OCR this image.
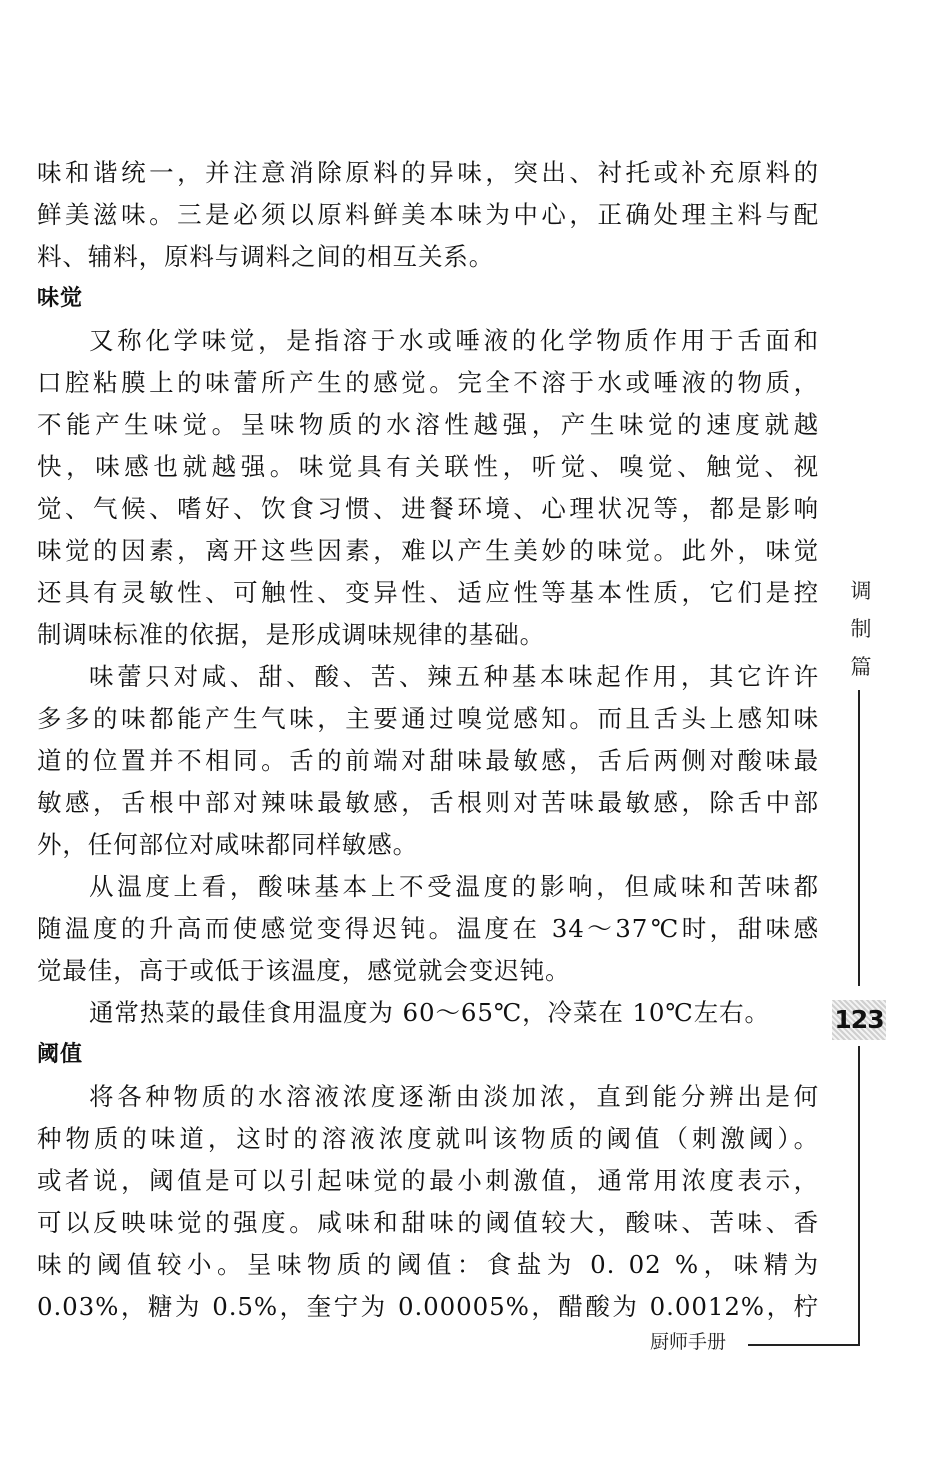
味和谐统一，并注意消除原料的异味，突出、衬托或补充原料的
鲜美滋味。三是必须以原料鲜美本味为中心，正确处理主料与配
料、辅料，原料与调料之间的相互关系。
味觉
又称化学味觉，是指溶于水或唾液的化学物质作用于舌面和
口腔粘膜上的味蕾所产生的感觉。完全不溶于水或唾液的物质，
不能产生味觉。呈味物质的水溶性越强，产生味觉的速度就越
快，味感也就越强。味觉具有关联性，听觉、嗅觉、触觉、视
觉、气候、嗜好、饮食习惯、进餐环境、心理状况等，都是影响
味觉的因素，离开这些因素，难以产生美妙的味觉。此外，味觉
还具有灵敏性、可触性、变异性、适应性等基本性质，它们是控
制调味标准的依据，是形成调味规律的基础。
味蕾只对咸、甜、酸、苦、辣五种基本味起作用，其它许许
多多的味都能产生气味，主要通过嗅觉感知。而且舌头上感知味
道的位置并不相同。舌的前端对甜味最敏感，舌后两侧对酸味最
敏感，舌根中部对辣味最敏感，舌根则对苦味最敏感，除舌中部
外，任何部位对咸味都同样敏感。
从温度上看，酸味基本上不受温度的影响，但咸味和苦味都
随温度的升高而使感觉变得迟钝。温度在 34～37℃时，甜味感
觉最佳，高于或低于该温度，感觉就会变迟钝。
通常热菜的最佳食用温度为 60～65℃，冷菜在 10℃左右。
阈值
将各种物质的水溶液浓度逐渐由淡加浓，直到能分辨出是何
种物质的味道，这时的溶液浓度就叫该物质的阈值（刺激阈）。
或者说，阈值是可以引起味觉的最小刺激值，通常用浓度表示，
可以反映味觉的强度。咸味和甜味的阈值较大，酸味、苦味、香
味的阈值较小。呈味物质的阈值：食盐为 0. 02 %，味精为
0.03%，糖为 0.5%，奎宁为 0.00005%，醋酸为 0.0012%，柠
调
制
篇
123
厨师手册
